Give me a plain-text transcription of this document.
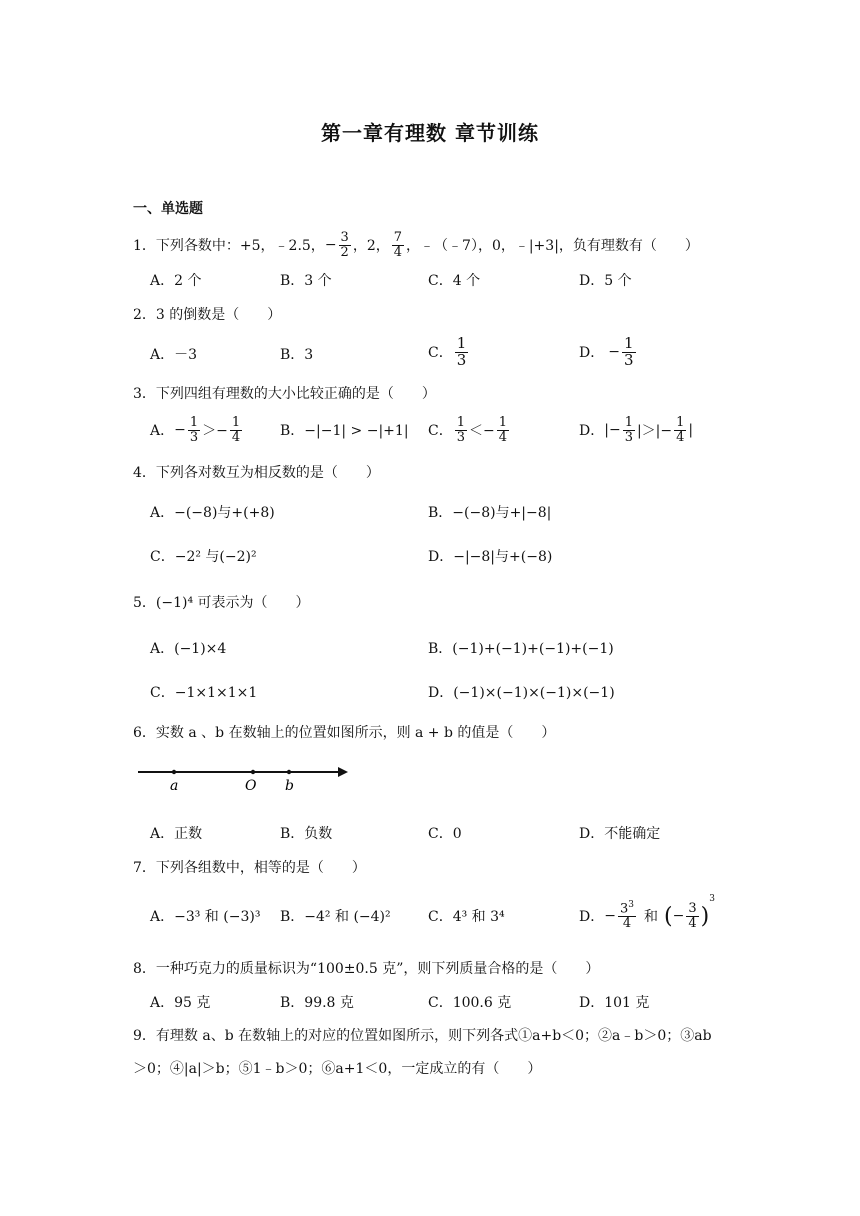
第一章有理数 章节训练
一、单选题
1．下列各数中：+5，﹣2.5， − $\frac{3}{2}$ ，2， $\frac{7}{4}$ ，﹣（﹣7），0，﹣|+3|，负有理数有（　　）
A．2 个	B．3 个	C．4 个	D．5 个
2．3 的倒数是（　　）
A．－3	B．3	C． $\frac{1}{3}$	D． − $\frac{1}{3}$
3．下列四组有理数的大小比较正确的是（　　）
A． − $\frac{1}{3} >- \frac{1}{4}$	B．−|−1| > −|+1| C． $\frac{1}{3} <- \frac{1}{4}$	D． |− $\frac{1}{3}$ |＞|− $\frac{1}{4}$ |
4．下列各对数互为相反数的是（　　）
A．−(−8)与+(+8)	B．−(−8)与+|−8|
C．−2² 与(−2)²	D．−|−8|与+(−8)
5．(−1)⁴ 可表示为（　　）
A．(−1)×4	B．(−1)+(−1)+(−1)+(−1)
C．−1×1×1×1	D．(−1)×(−1)×(−1)×(−1)
6．实数 a 、b 在数轴上的位置如图所示，则 a + b 的值是（　　）
a	O b
A．正数	B．负数	C．0	D．不能确定
7．下列各组数中，相等的是（　　）
A．−3³ 和 (−3)³ B．−4² 和 (−4)²	C．4³ 和 3⁴	D． − $\frac{3^3}{4}$ 和 ( − $\frac{3}{4}$ )
$^3$
8．一种巧克力的质量标识为“100±0.5 克”，则下列质量合格的是（　　）
A．95 克	B．99.8 克	C．100.6 克	D．101 克
9．有理数 a、b 在数轴上的对应的位置如图所示，则下列各式①a+b＜0；②a﹣b＞0；③ab
＞0；④|a|＞b；⑤1﹣b＞0；⑥a+1＜0，一定成立的有（　　）
